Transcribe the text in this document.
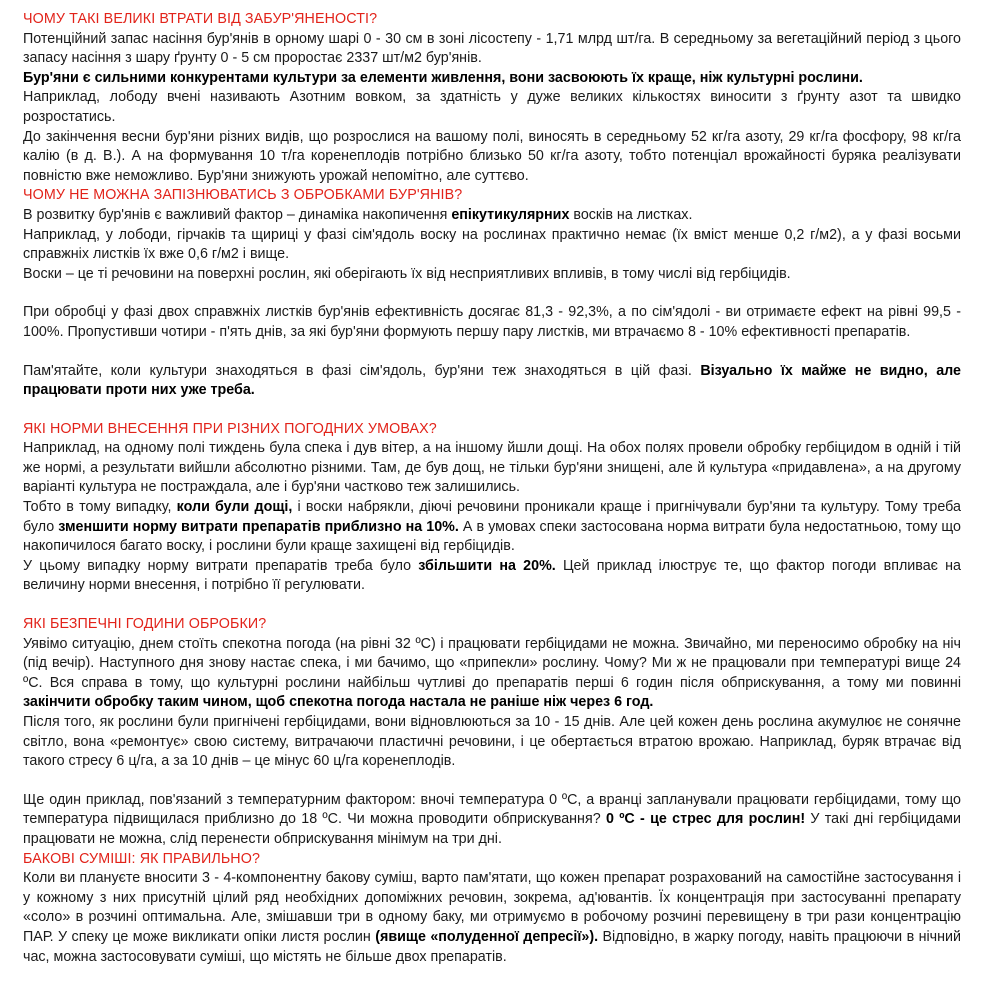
ЧОМУ ТАКІ ВЕЛИКІ ВТРАТИ ВІД ЗАБУР'ЯНЕНОСТІ?
Потенційний запас насіння бур'янів в орному шарі 0 - 30 см в зоні лісостепу - 1,71 млрд шт/га. В середньому за вегетаційний період з цього запасу насіння з шару ґрунту 0 - 5 см проростає 2337 шт/м2 бур'янів.
Бур'яни є сильними конкурентами культури за елементи живлення, вони засвоюють їх краще, ніж культурні рослини.
Наприклад, лободу вчені називають Азотним вовком, за здатність у дуже великих кількостях виносити з ґрунту азот та швидко розростатись.
До закінчення весни бур'яни різних видів, що розрослися на вашому полі, виносять в середньому 52 кг/га азоту, 29 кг/га фосфору, 98 кг/га калію (в д. В.). А на формування 10 т/га коренеплодів потрібно близько 50 кг/га азоту, тобто потенціал врожайності буряка реалізувати повністю вже неможливо. Бур'яни знижують урожай непомітно, але суттєво.
ЧОМУ НЕ МОЖНА ЗАПІЗНЮВАТИСЬ З ОБРОБКАМИ БУР'ЯНІВ?
В розвитку бур'янів є важливий фактор – динаміка накопичення епікутикулярних восків на листках.
Наприклад, у лободи, гірчаків та щириці у фазі сім'ядоль воску на рослинах практично немає (їх вміст менше 0,2 г/м2), а у фазі восьми справжніх листків їх вже 0,6 г/м2 і вище.
Воски – це ті речовини на поверхні рослин, які оберігають їх від несприятливих впливів, в тому числі від гербіцидів.
При обробці у фазі двох справжніх листків бур'янів ефективність досягає 81,3 - 92,3%, а по сім'ядолі - ви отримаєте ефект на рівні 99,5 - 100%. Пропустивши чотири - п'ять днів, за які бур'яни формують першу пару листків, ми втрачаємо 8 - 10% ефективності препаратів.
Пам'ятайте, коли культури знаходяться в фазі сім'ядоль, бур'яни теж знаходяться в цій фазі. Візуально їх майже не видно, але працювати проти них уже треба.
ЯКІ НОРМИ ВНЕСЕННЯ ПРИ РІЗНИХ ПОГОДНИХ УМОВАХ?
Наприклад, на одному полі тиждень була спека і дув вітер, а на іншому йшли дощі. На обох полях провели обробку гербіцидом в одній і тій же нормі, а результати вийшли абсолютно різними. Там, де був дощ, не тільки бур'яни знищені, але й культура «придавлена», а на другому варіанті культура не постраждала, але і бур'яни частково теж залишились.
Тобто в тому випадку, коли були дощі, і воски набрякли, діючі речовини проникали краще і пригнічували бур'яни та культуру. Тому треба було зменшити норму витрати препаратів приблизно на 10%. А в умовах спеки застосована норма витрати була недостатньою, тому що накопичилося багато воску, і рослини були краще захищені від гербіцидів.
У цьому випадку норму витрати препаратів треба було збільшити на 20%. Цей приклад ілюструє те, що фактор погоди впливає на величину норми внесення, і потрібно її регулювати.
ЯКІ БЕЗПЕЧНІ ГОДИНИ ОБРОБКИ?
Уявімо ситуацію, днем стоїть спекотна погода (на рівні 32 ºС) і працювати гербіцидами не можна. Звичайно, ми переносимо обробку на ніч (під вечір). Наступного дня знову настає спека, і ми бачимо, що «припекли» рослину. Чому? Ми ж не працювали при температурі вище 24 ºС. Вся справа в тому, що культурні рослини найбільш чутливі до препаратів перші 6 годин після обприскування, а тому ми повинні закінчити обробку таким чином, щоб спекотна погода настала не раніше ніж через 6 год.
Після того, як рослини були пригнічені гербіцидами, вони відновлюються за 10 - 15 днів. Але цей кожен день рослина акумулює не сонячне світло, вона «ремонтує» свою систему, витрачаючи пластичні речовини, і це обертається втратою врожаю. Наприклад, буряк втрачає від такого стресу 6 ц/га, а за 10 днів – це мінус 60 ц/га коренеплодів.
Ще один приклад, пов'язаний з температурним фактором: вночі температура 0 ºС, а вранці запланували працювати гербіцидами, тому що температура підвищилася приблизно до 18 ºС. Чи можна проводити обприскування? 0 ºС - це стрес для рослин! У такі дні гербіцидами працювати не можна, слід перенести обприскування мінімум на три дні.
БАКОВІ СУМІШІ: ЯК ПРАВИЛЬНО?
Коли ви плануєте вносити 3 - 4-компонентну бакову суміш, варто пам'ятати, що кожен препарат розрахований на самостійне застосування і у кожному з них присутній цілий ряд необхідних допоміжних речовин, зокрема, ад'ювантів. Їх концентрація при застосуванні препарату «соло» в розчині оптимальна. Але, змішавши три в одному баку, ми отримуємо в робочому розчині перевищену в три рази концентрацію ПАР. У спеку це може викликати опіки листя рослин (явище «полуденної депресії»). Відповідно, в жарку погоду, навіть працюючи в нічний час, можна застосовувати суміші, що містять не більше двох препаратів.
